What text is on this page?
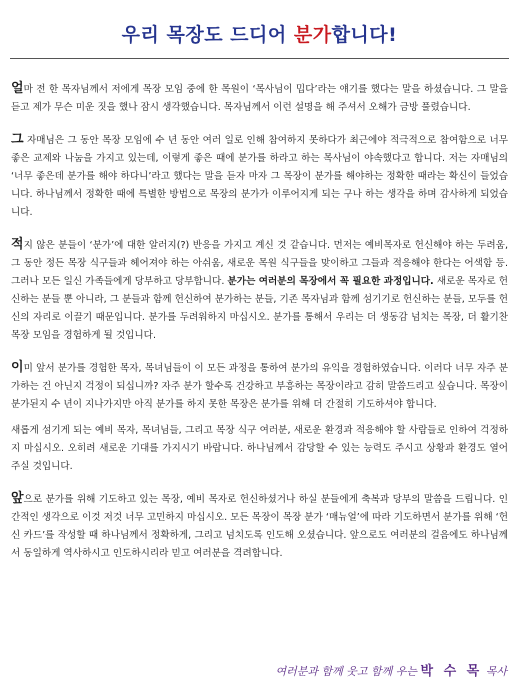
우리 목장도 드디어 분가합니다!

얼마 전 한 목자님께서 저에게 목장 모임 중에 한 목원이 ‘목사님이 밉다’라는 얘기를 했다는 말을 하셨습니다. 그 말을 듣고 제가 무슨 미운 짓을 했나 잠시 생각했습니다. 목자님께서 이런 설명을 해 주셔서 오해가 금방 풀렸습니다.

그 자매님은 그 동안 목장 모임에 수 년 동안 여러 일로 인해 참여하지 못하다가 최근에야 적극적으로 참여함으로 너무 좋은 교제와 나눔을 가지고 있는데, 이렇게 좋은 때에 분가를 하라고 하는 목사님이 야속했다고 합니다. 저는 자매님의 ‘너무 좋은데 분가를 해야 하다니’라고 했다는 말을 듣자 마자 그 목장이 분가를 해야하는 정확한 때라는 확신이 들었습니다. 하나님께서 정확한 때에 특별한 방법으로 목장의 분가가 이루어지게 되는 구나 하는 생각을 하며 감사하게 되었습니다.

적지 않은 분들이 ‘분가’에 대한 알러지(?) 반응을 가지고 계신 것 같습니다. 먼저는 예비목자로 헌신해야 하는 두려움, 그 동안 정든 목장 식구들과 헤어져야 하는 아쉬움, 새로운 목원 식구들을 맞이하고 그들과 적응해야 한다는 어색함 등. 그러나 모든 일신 가족들에게 당부하고 당부합니다. 분가는 여러분의 목장에서 꼭 필요한 과정입니다. 새로운 목자로 헌신하는 분들 뿐 아니라, 그 분들과 함께 헌신하여 분가하는 분들, 기존 목자님과 함께 섬기기로 헌신하는 분들, 모두를 헌신의 자리로 이끌기 때문입니다. 분가를 두려워하지 마십시오. 분가를 통해서 우리는 더 생동감 넘치는 목장, 더 활기찬 목장 모임을 경험하게 될 것입니다.

이미 앞서 분가를 경험한 목자, 목녀님들이 이 모든 과정을 통하여 분가의 유익을 경험하였습니다. 이러다 너무 자주 분가하는 건 아닌지 걱정이 되십니까? 자주 분가 할수록 건강하고 부흥하는 목장이라고 감히 말씀드리고 싶습니다. 목장이 분가된지 수 년이 지나가지만 아직 분가를 하지 못한 목장은 분가를 위해 더 간절히 기도하셔야 합니다.

새롭게 섬기게 되는 예비 목자, 목녀님들, 그리고 목장 식구 여러분, 새로운 환경과 적응해야 할 사람들로 인하여 걱정하지 마십시오. 오히려 새로운 기대를 가지시기 바랍니다. 하나님께서 감당할 수 있는 능력도 주시고 상황과 환경도 열어 주실 것입니다.

앞으로 분가를 위해 기도하고 있는 목장, 예비 목자로 헌신하셨거나 하실 분들에게 축복과 당부의 말씀을 드립니다. 인간적인 생각으로 이것 저것 너무 고민하지 마십시오. 모든 목장이 목장 분가 ‘매뉴얼’에 따라 기도하면서 분가를 위해 ‘헌신 카드’를 작성할 때 하나님께서 정확하게, 그리고 넘치도록 인도해 오셨습니다. 앞으로도 여러분의 걸음에도 하나님께서 동일하게 역사하시고 인도하시리라 믿고 여러분을 격려합니다.

여러분과 함께 웃고 함께 우는 박 수 목 목사
